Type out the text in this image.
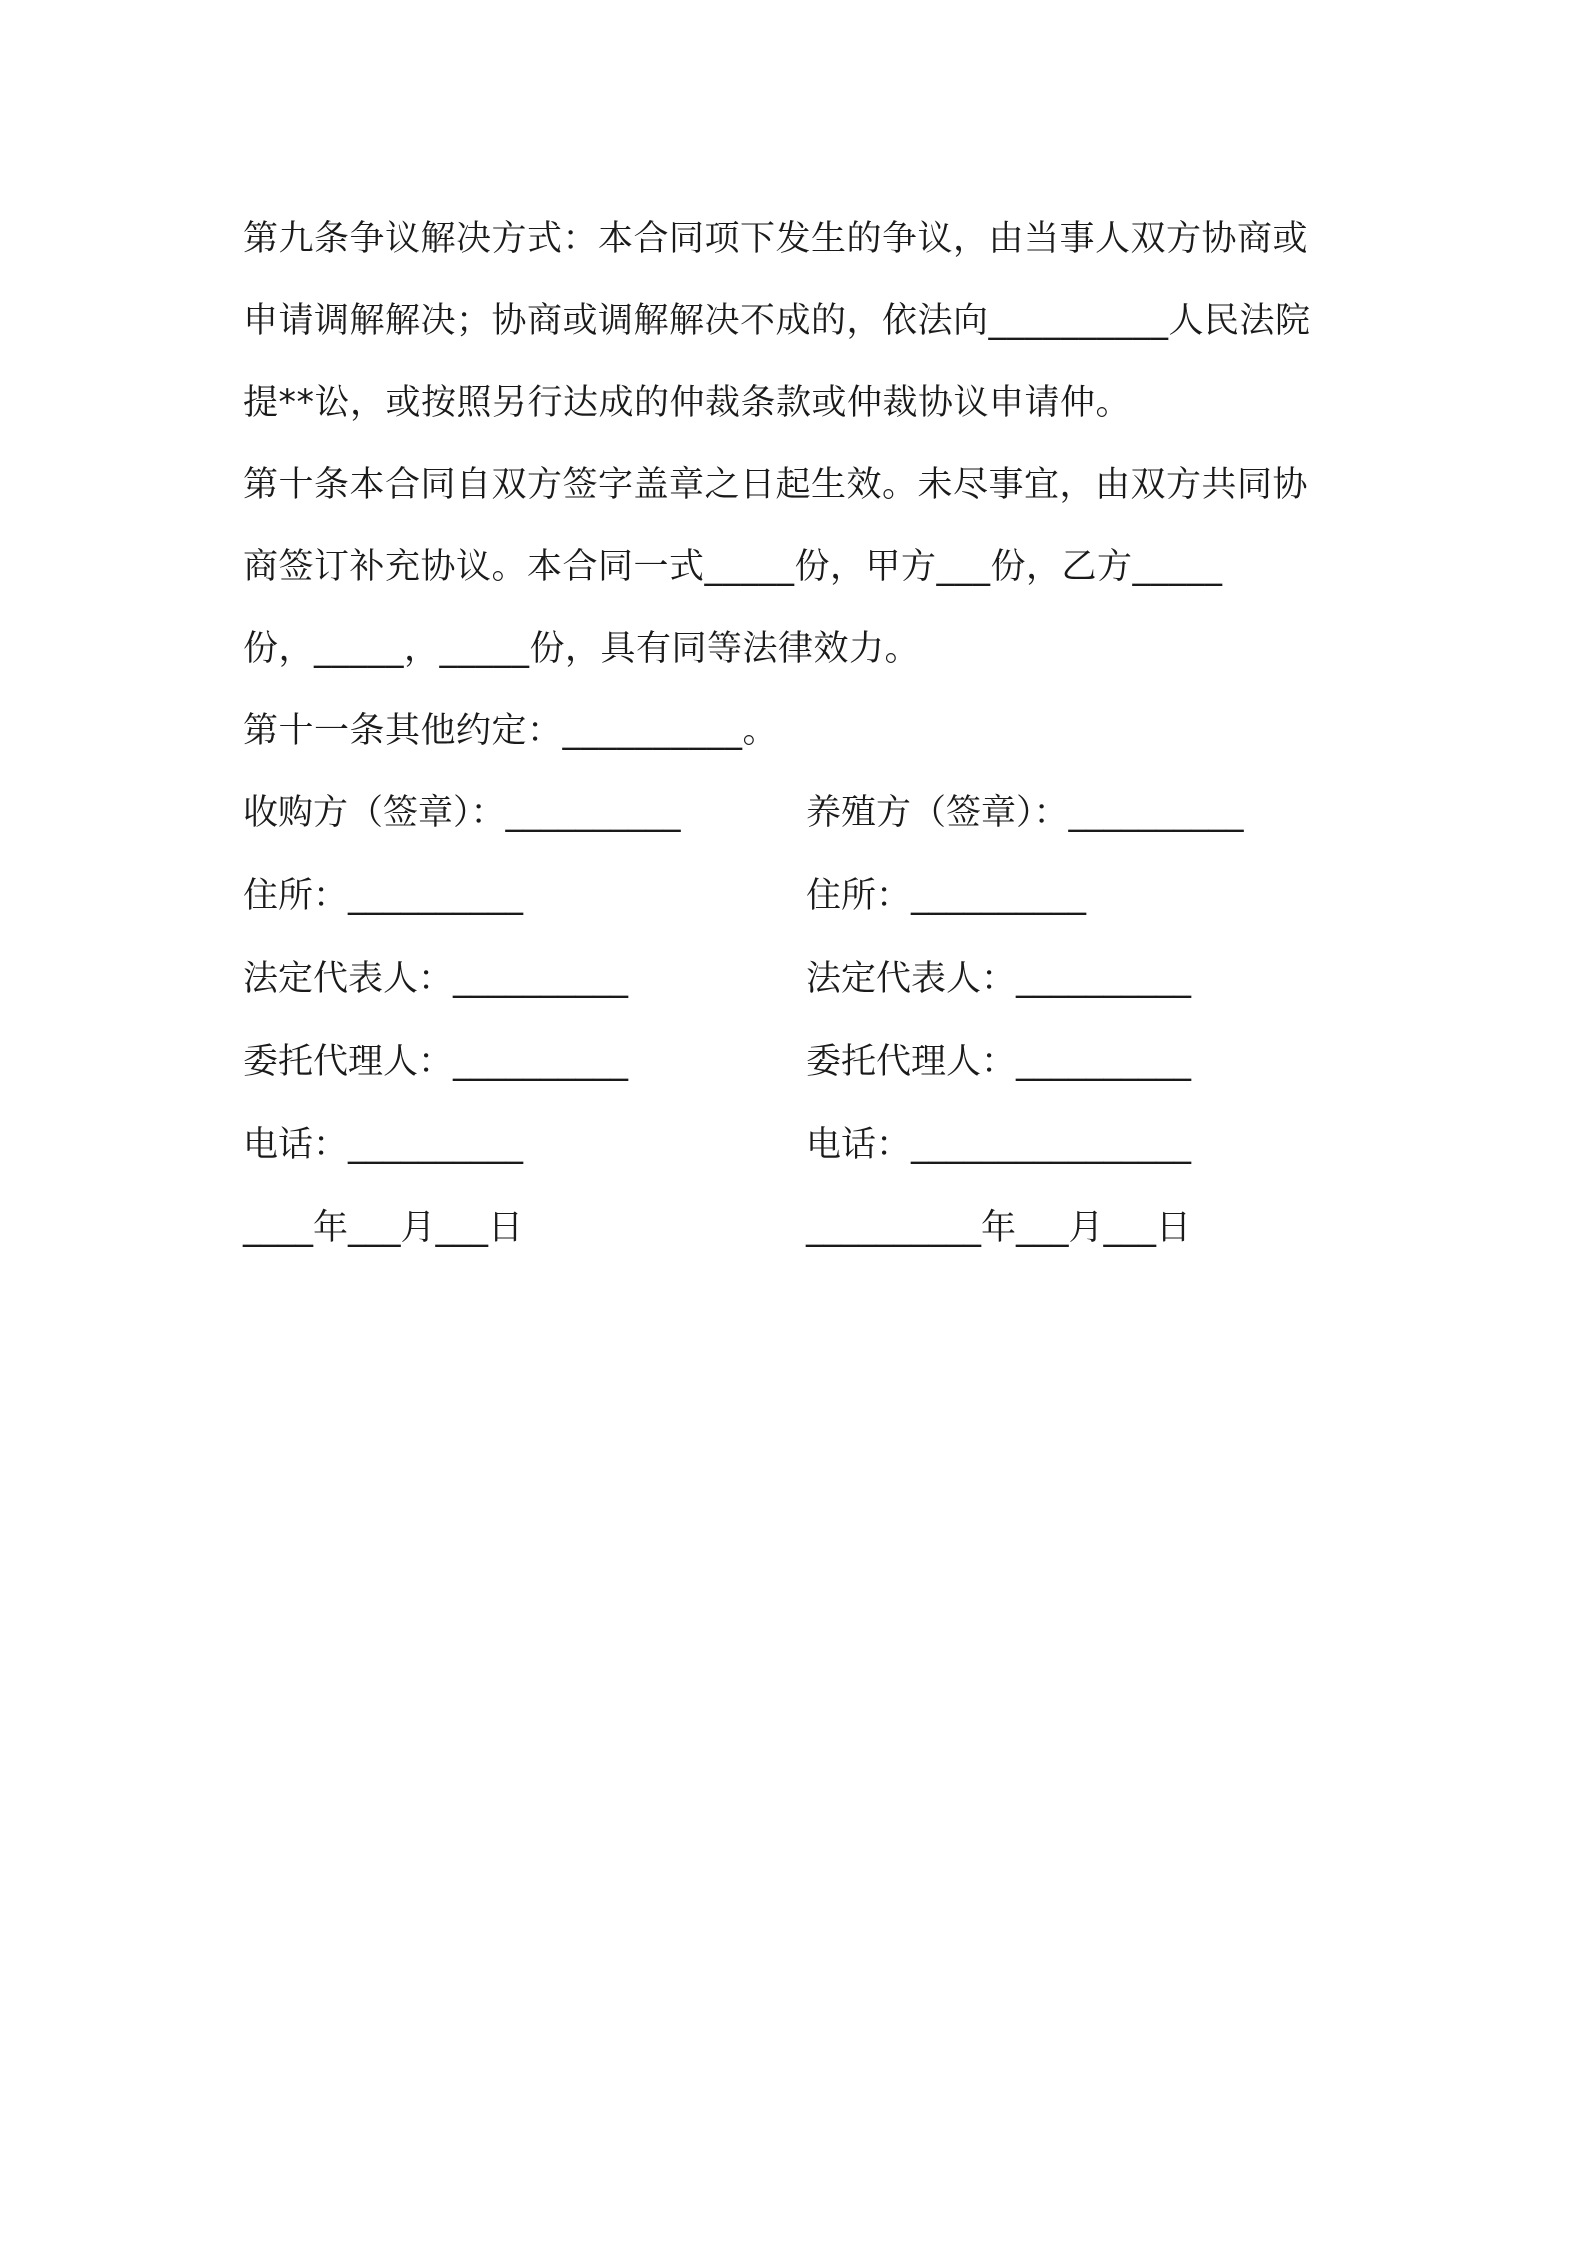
第九条争议解决方式：本合同项下发生的争议，由当事人双方协商或
申请调解解决；协商或调解解决不成的，依法向__________人民法院
提**讼，或按照另行达成的仲裁条款或仲裁协议申请仲。

第十条本合同自双方签字盖章之日起生效。未尽事宜，由双方共同协
商签订补充协议。本合同一式_____份，甲方___份，乙方_____
份，_____，_____份，具有同等法律效力。

第十一条其他约定：__________。

收购方（签章）：__________	养殖方（签章）：__________
住所：__________	住所：__________
法定代表人：__________	法定代表人：__________
委托代理人：__________	委托代理人：__________
电话：__________	电话：________________
____年___月___日	__________年___月___日
